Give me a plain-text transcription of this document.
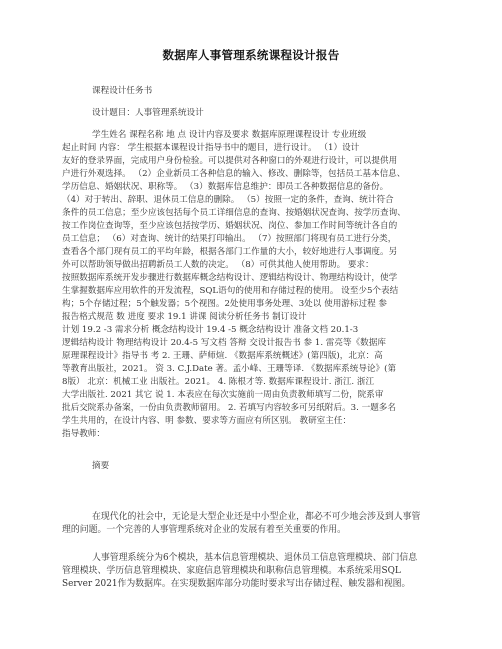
数据库人事管理系统课程设计报告
课程设计任务书
设计题目：人事管理系统设计
学生姓名 课程名称 地 点 设计内容及要求 数据库原理课程设计 专业班级
起止时间 内容： 学生根据本课程设计指导书中的题目，进行设计。 （1）设计
友好的登录界面，完成用户身份检验。可以提供对各种窗口的外观进行设计，可以提供用
户进行外观选择。 （2）企业新员工各种信息的输入、修改、删除等，包括员工基本信息、
学历信息、婚姻状况、职称等。 （3）数据库信息维护：即员工各种数据信息的备份。
（4）对于转出、辞职、退休员工信息的删除。 （5）按照一定的条件，查询、统计符合
条件的员工信息；至少应该包括每个员工详细信息的查询、按婚姻状况查询、按学历查询、
按工作岗位查询等，至少应该包括按学历、婚姻状况、岗位、参加工作时间等统计各自的
员工信息； （6）对查询、统计的结果打印输出。 （7）按照部门将现有员工进行分类，
查看各个部门现有员工的平均年龄，根据各部门工作量的大小，较好地进行人事调度。另
外可以帮助领导做出招聘新员工人数的决定。 （8）可供其他人使用帮助。 要求：
按照数据库系统开发步骤进行数据库概念结构设计、逻辑结构设计、物理结构设计，使学
生掌握数据库应用软件的开发流程，SQL语句的使用和存储过程的使用。 设至少5个表结
构；5个存储过程；5个触发器；5个视图。2处使用事务处理、3处以 使用游标过程 参
报告格式规范 数 进度 要求 19.1 讲课 阅读分析任务书 制订设计
计划 19.2 -3 需求分析 概念结构设计 19.4 -5 概念结构设计 准备文档 20.1-3
逻辑结构设计 物理结构设计 20.4-5 写文档 答辩 交设计报告书 参 1. 雷亮等《数据库
原理课程设计》指导书 考 2. 王珊、萨师煊. 《数据库系统概述》(第四版)，北京：高
等教育出版社，2021。 资 3. C.J.Date 著。孟小峰、王珊等译. 《数据库系统导论》(第
8版） 北京：机械工业 出版社。2021。 4. 陈根才等. 数据库课程设计. 浙江. 浙江
大学出版社. 2021 其它 说 1. 本表应在每次实施前一周由负责教师填写二份，院系审
批后交院系办备案，一份由负责教师留用。 2. 若填写内容较多可另纸附后。3. 一题多名
学生共用的，在设计内容、明 参数、要求等方面应有所区别。 教研室主任：
指导教师：
摘要
在现代化的社会中，无论是大型企业还是中小型企业，都必不可少地会涉及到人事管
理的问题。一个完善的人事管理系统对企业的发展有着至关重要的作用。
人事管理系统分为6个模块，基本信息管理模块、退休员工信息管理模块、部门信息
管理模块、学历信息管理模块、家庭信息管理模块和职称信息管理模。本系统采用SQL
Server 2021作为数据库。在实现数据库部分功能时要求写出存储过程、触发器和视图。
